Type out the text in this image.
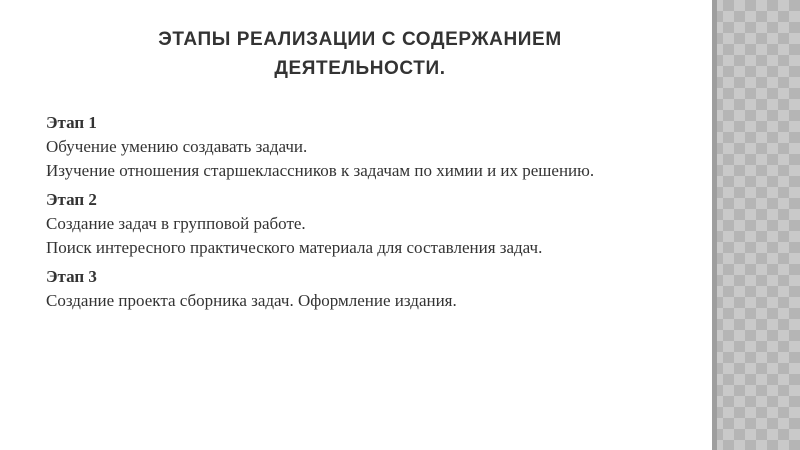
ЭТАПЫ РЕАЛИЗАЦИИ С СОДЕРЖАНИЕМ
ДЕЯТЕЛЬНОСТИ.
Этап 1
Обучение умению создавать задачи.
Изучение отношения старшеклассников к задачам по химии и их решению.
Этап 2
Создание задач в групповой работе.
Поиск интересного практического материала для составления задач.
Этап 3
Создание проекта сборника задач. Оформление издания.
